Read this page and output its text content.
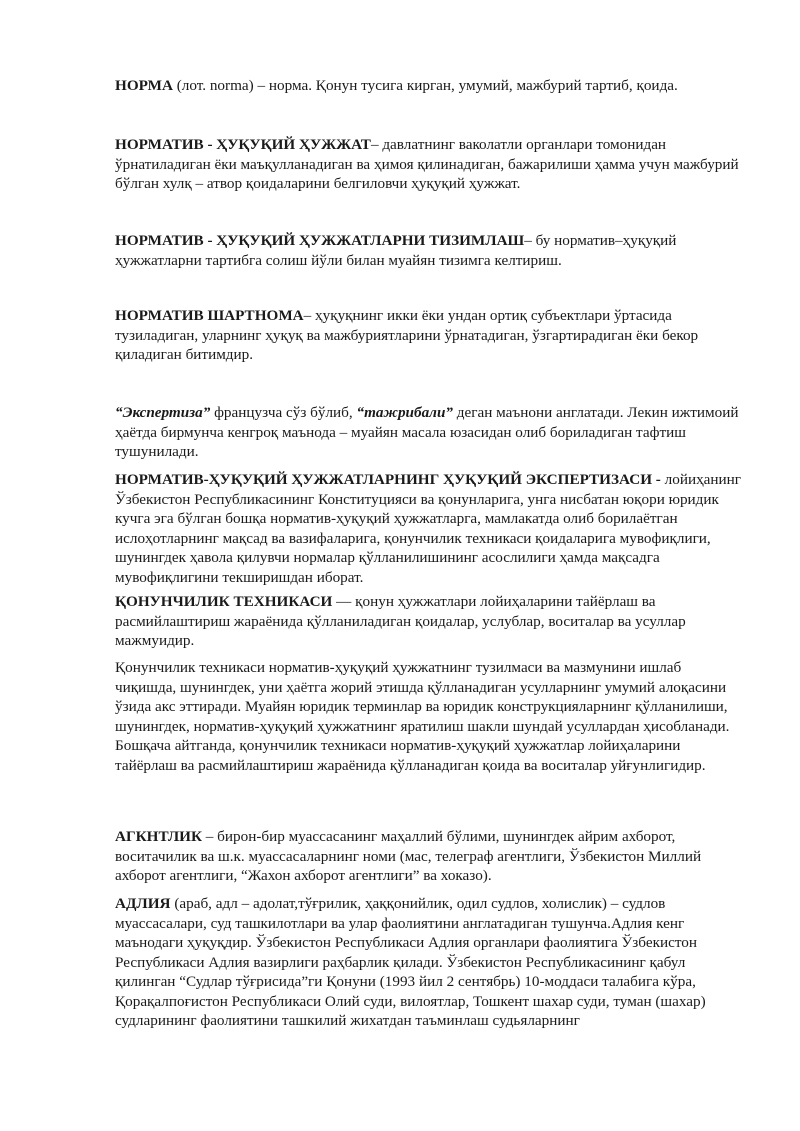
НОРМА (лот. norma) – норма. Қонун тусига кирган, умумий, мажбурий тартиб, қоида.

НОРМАТИВ - ҲУҚУҚИЙ ҲУЖЖАТ– давлатнинг ваколатли органлари томонидан ўрнатиладиган ёки маъқулланадиган ва ҳимоя қилинадиган, бажарилиши ҳамма учун мажбурий бўлган хулқ – атвор қоидаларини белгиловчи ҳуқуқий ҳужжат.

НОРМАТИВ - ҲУҚУҚИЙ ҲУЖЖАТЛАРНИ ТИЗИМЛАШ– бу норматив–ҳуқуқий ҳужжатларни тартибга солиш йўли билан муайян тизимга келтириш.

НОРМАТИВ ШАРТНОМА– ҳуқуқнинг икки ёки ундан ортиқ субъектлари ўртасида тузиладиган, уларнинг ҳуқуқ ва мажбуриятларини ўрнатадиган, ўзгартирадиган ёки бекор қиладиган битимдир.

“Экспертиза” французча сўз бўлиб, “тажрибали” деган маънони англатади. Лекин ижтимоий ҳаётда бирмунча кенгроқ маънода – муайян масала юзасидан олиб бориладиган тафтиш тушунилади.

НОРМАТИВ-ҲУҚУҚИЙ ҲУЖЖАТЛАРНИНГ ҲУҚУҚИЙ ЭКСПЕРТИЗАСИ - лойиҳанинг Ўзбекистон Республикасининг Конституцияси ва қонунларига, унга нисбатан юқори юридик кучга эга бўлган бошқа норматив-ҳуқуқий ҳужжатларга, мамлакатда олиб борилаётган ислоҳотларнинг мақсад ва вазифаларига, қонунчилик техникаси қоидаларига мувофиқлиги, шунингдек ҳавола қилувчи нормалар қўлланилишининг асослилиги ҳамда мақсадга мувофиқлигини текширишдан иборат.

ҚОНУНЧИЛИК ТЕХНИКАСИ — қонун ҳужжатлари лойиҳаларини тайёрлаш ва расмийлаштириш жараёнида қўлланиладиган қоидалар, услублар, воситалар ва усуллар мажмуидир.

Қонунчилик техникаси норматив-ҳуқуқий ҳужжатнинг тузилмаси ва мазмунини ишлаб чиқишда, шунингдек, уни ҳаётга жорий этишда қўлланадиган усулларнинг умумий алоқасини ўзида акс эттиради. Муайян юридик терминлар ва юридик конструкцияларнинг қўлланилиши, шунингдек, норматив-ҳуқуқий ҳужжатнинг яратилиш шакли шундай усуллардан ҳисобланади. Бошқача айтганда, қонунчилик техникаси норматив-ҳуқуқий ҳужжатлар лойиҳаларини тайёрлаш ва расмийлаштириш жараёнида қўлланадиган қоида ва воситалар уйғунлигидир.

АГКНТЛИК – бирон-бир муассасанинг маҳаллий бўлими, шунингдек айрим ахборот, воситачилик ва ш.к. муассасаларнинг номи (мас, телеграф агентлиги, Ўзбекистон Миллий ахборот агентлиги, “Жахон ахборот агентлиги” ва хоказо).

АДЛИЯ (араб, адл – адолат,тўғрилик, ҳаққонийлик, одил судлов, холислик) – судлов муассасалари, суд ташкилотлари ва улар фаолиятини англатадиган тушунча.Адлия кенг маънодаги ҳуқуқдир. Ўзбекистон Республикаси Адлия органлари фаолиятига Ўзбекистон Республикаси Адлия вазирлиги раҳбарлик қилади. Ўзбекистон Республикасининг қабул қилинган “Судлар тўғрисида”ги Қонуни (1993 йил 2 сентябрь) 10-моддаси талабига кўра, Қорақалпоғистон Республикаси Олий суди, вилоятлар, Тошкент шахар суди, туман (шахар) судларининг фаолиятини ташкилий жихатдан таъминлаш судьяларнинг
